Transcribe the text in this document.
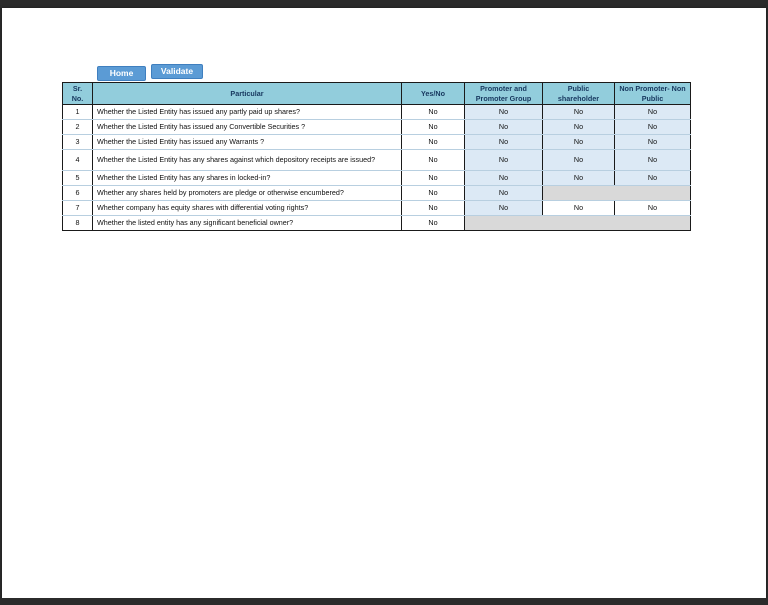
Home	Validate
Sr. No.	Particular	Yes/No	Promoter and Promoter Group	Public shareholder	Non Promoter- Non Public
1	Whether the Listed Entity has issued any partly paid up shares?	No	No	No	No
2	Whether the Listed Entity has issued any Convertible Securities ?	No	No	No	No
3	Whether the Listed Entity has issued any Warrants ?	No	No	No	No
4	Whether the Listed Entity has any shares against which depository receipts are issued?	No	No	No	No
5	Whether the Listed Entity has any shares in locked-in?	No	No	No	No
6	Whether any shares held by promoters are pledge or otherwise encumbered?	No	No		
7	Whether company has equity shares with differential voting rights?	No	No	No	No
8	Whether the listed entity has any significant beneficial owner?	No			
